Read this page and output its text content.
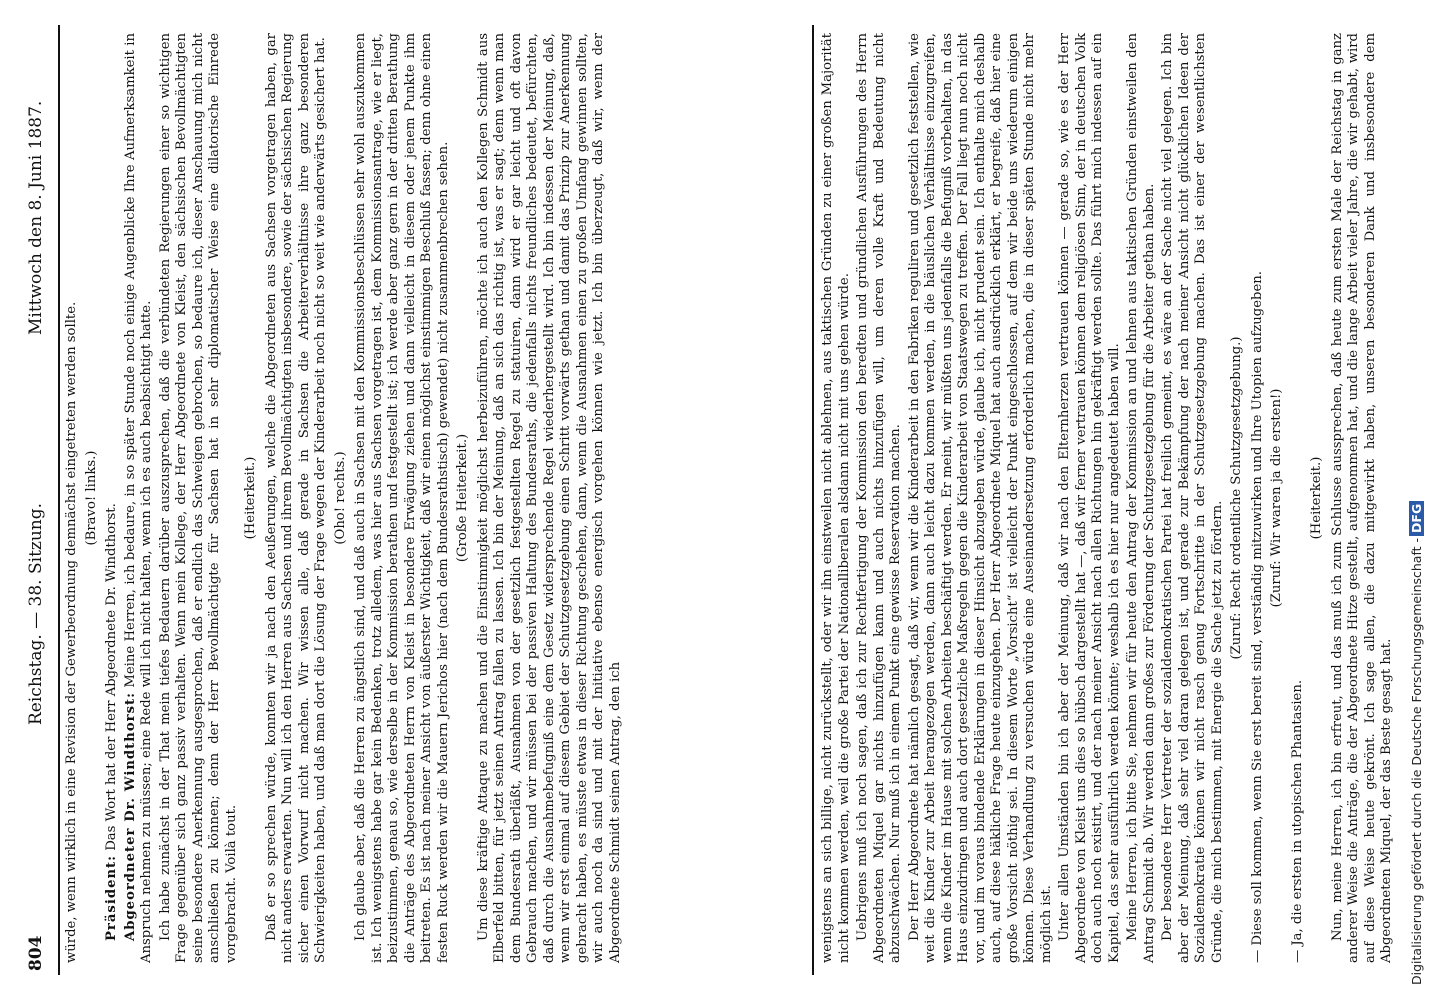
804
Reichstag. — 38. Sitzung.
Mittwoch den 8. Juni 1887.

würde, wenn wirklich in eine Revision der Gewerbeordnung demnächst eingetreten werden sollte. (Bravo! links.)

Präsident: Das Wort hat der Herr Abgeordnete Dr. Windthorst. Abgeordneter Dr. Windthorst: Meine Herren, ich bedaure, in so später Stunde noch einige Augenblicke Ihre Aufmerksamkeit in Anspruch nehmen zu müssen; eine Rede will ich nicht halten, wenn ich es auch beabsichtigt hatte. Ich habe zunächst in der That mein tiefes Bedauern darüber auszusprechen, daß die verbündeten Regierungen einer so wichtigen Frage gegenüber sich ganz passiv verhalten. Wenn mein Kollege, der Herr Abgeordnete von Kleist, den sächsischen Bevollmächtigten seine besondere Anerkennung ausgesprochen, daß er endlich das Schweigen gebrochen, so bedaure ich, dieser Anschauung mich nicht anschließen zu können; denn der Herr Bevollmächtigte für Sachsen hat in sehr diplomatischer Weise eine dilatorische Einrede vorgebracht. Voilà tout.

(Heiterkeit.) Daß er so sprechen würde, konnten wir ja nach den Aeußerungen, welche die Abgeordneten aus Sachsen vorgetragen haben, gar nicht anders erwarten. Nun will ich den Herren aus Sachsen und ihrem Bevollmächtigten insbesondere, sowie der sächsischen Regierung sicher einen Vorwurf nicht machen. Wir wissen alle, daß gerade in Sachsen die Arbeiterverhältnisse ihre ganz besonderen Schwierigkeiten haben, und daß man dort die Lösung der Frage wegen der Kinderarbeit noch nicht so weit wie anderwärts gesichert hat. (Oho! rechts.) Ich glaube aber, daß die Herren zu ängstlich sind, und daß auch in Sachsen mit den Kommissionsbeschlüssen sehr wohl auszukommen ist. Ich wenigstens habe gar kein Bedenken, trotz alledem, was hier aus Sachsen vorgetragen ist, dem Kommissionsantrage, wie er liegt, beizustimmen, genau so, wie derselbe in der Kommission berathen und festgestellt ist; ich werde aber ganz gern in der dritten Berathung die Anträge des Abgeordneten Herrn von Kleist in besondere Erwägung ziehen und dann vielleicht in diesem oder jenem Punkte ihm beitreten. Es ist nach meiner Ansicht von äußerster Wichtigkeit, daß wir einen möglichst einstimmigen Beschluß fassen; denn ohne einen festen Ruck werden wir die Mauern Jerichos hier (nach dem Bundesrathstisch) gewendet) nicht zusammenbrechen sehen. (Große Heiterkeit.) Um diese kräftige Attaque zu machen und die Einstimmigkeit möglichst herbeizuführen, möchte ich auch den Kollegen Schmidt aus Elberfeld bitten, für jetzt seinen Antrag fallen zu lassen. Ich bin der Meinung, daß an sich das richtig ist, was er sagt; denn wenn man dem Bundesrath überläßt, Ausnahmen von der gesetzlich festgestellten Regel zu statuiren, dann wird er gar leicht und oft davon Gebrauch machen, und wir müssen bei der passiven Haltung des Bundesraths, die jedenfalls nichts freundliches bedeutet, befürchten, daß durch die Ausnahmebefugniß eine dem Gesetz widersprechende Regel wiederhergestellt wird. Ich bin indessen der Meinung, daß, wenn wir erst einmal auf diesem Gebiet der Schutzgesetzgebung einen Schritt vorwärts gethan und damit das Prinzip zur Anerkennung gebracht haben, es müsste etwas in dieser Richtung geschehen, dann, wenn die Ausnahmen einen zu großen Umfang gewinnen sollten, wir auch noch da sind und mit der Initiative ebenso energisch vorgehen können wie jetzt. Ich bin überzeugt, daß wir, wenn der Abgeordnete Schmidt seinen Antrag, den ich	wenigstens an sich billige, nicht zurückstellt, oder wir ihn einstweilen nicht ablehnen, aus taktischen Gründen zu einer großen Majorität nicht kommen werden, weil die große Partei der Nationalliberalen alsdann nicht mit uns gehen würde. Uebrigens muß ich noch sagen, daß ich zur Rechtfertigung der Kommission den beredten und gründlichen Ausführungen des Herrn Abgeordneten Miquel gar nichts hinzufügen kann und auch nichts hinzufügen will, um deren volle Kraft und Bedeutung nicht abzuschwächen. Nur muß ich in einem Punkt eine gewisse Reservation machen. Der Herr Abgeordnete hat nämlich gesagt, daß wir, wenn wir die Kinderarbeit in den Fabriken reguliren und gesetzlich feststellen, wie weit die Kinder zur Arbeit herangezogen werden, dann auch leicht dazu kommen werden, in die häuslichen Verhältnisse einzugreifen, wenn die Kinder im Hause mit solchen Arbeiten beschäftigt werden. Er meint, wir müßten uns jedenfalls die Befugniß vorbehalten, in das Haus einzudringen und auch dort gesetzliche Maßregeln gegen die Kinderarbeit von Staatswegen zu treffen. Der Fall liegt nun noch nicht vor, und im voraus bindende Erklärungen in dieser Hinsicht abzugeben würde, glaube ich, nicht prudent sein. Ich enthalte mich deshalb auch, auf diese häkliche Frage heute einzugehen. Der Herr Abgeordnete Miquel hat auch ausdrücklich erklärt, er begreife, daß hier eine große Vorsicht nöthig sei. In diesem Worte „Vorsicht“ ist vielleicht der Punkt eingeschlossen, auf dem wir beide uns wiederum einigen können. Diese Verhandlung zu versuchen würde eine Auseinandersetzung erforderlich machen, die in dieser späten Stunde nicht mehr möglich ist. Unter allen Umständen bin ich aber der Meinung, daß wir nach den Elternherzen vertrauen können — gerade so, wie es der Herr Abgeordnete von Kleist uns dies so hübsch dargestellt hat —, daß wir ferner vertrauen können dem religiösen Sinn, der in deutschen Volk doch auch noch existirt, und der nach meiner Ansicht nach allen Richtungen hin gekräftigt werden sollte. Das führt mich indessen auf ein Kapitel, das sehr ausführlich werden könnte; weshalb ich es hier nur angedeutet haben will. Meine Herren, ich bitte Sie, nehmen wir für heute den Antrag der Kommission an und lehnen aus taktischen Gründen einstweilen den Antrag Schmidt ab. Wir werden dann großes zur Förderung der Schutzgesetzgebung für die Arbeiter gethan haben. Der besondere Herr Vertreter der sozialdemokratischen Partei hat freilich gemeint, es wäre an der Sache nicht viel gelegen. Ich bin aber der Meinung, daß sehr viel daran gelegen ist, und gerade zur Bekämpfung der nach meiner Ansicht nicht glücklichen Ideen der Sozialdemokratie können wir nicht rasch genug Fortschritte in der Schutzgesetzgebung machen. Das ist einer der wesentlichsten Gründe, die mich bestimmen, mit Energie die Sache jetzt zu fördern.

(Zuruf: Recht ordentliche Schutzgesetzgebung.) — Diese soll kommen, wenn Sie erst bereit sind, verständig mitzuwirken und Ihre Utopien aufzugeben. (Zuruf: Wir waren ja die ersten!)

— Ja, die ersten in utopischen Phantasien.

(Heiterkeit.) Nun, meine Herren, ich bin erfreut, und das muß ich zum Schlusse aussprechen, daß heute zum ersten Male der Reichstag in ganz anderer Weise die Anträge, die der Abgeordnete Hitze gestellt, aufgenommen hat, und die lange Arbeit vieler Jahre, die wir gehabt, wird auf diese Weise heute gekrönt. Ich sage allen, die dazu mitgewirkt haben, unseren besonderen Dank und insbesondere dem Abgeordneten Miquel, der das Beste gesagt hat. Digitalisierung gefördert durch die Deutsche Forschungsgemeinschaft -DFG
